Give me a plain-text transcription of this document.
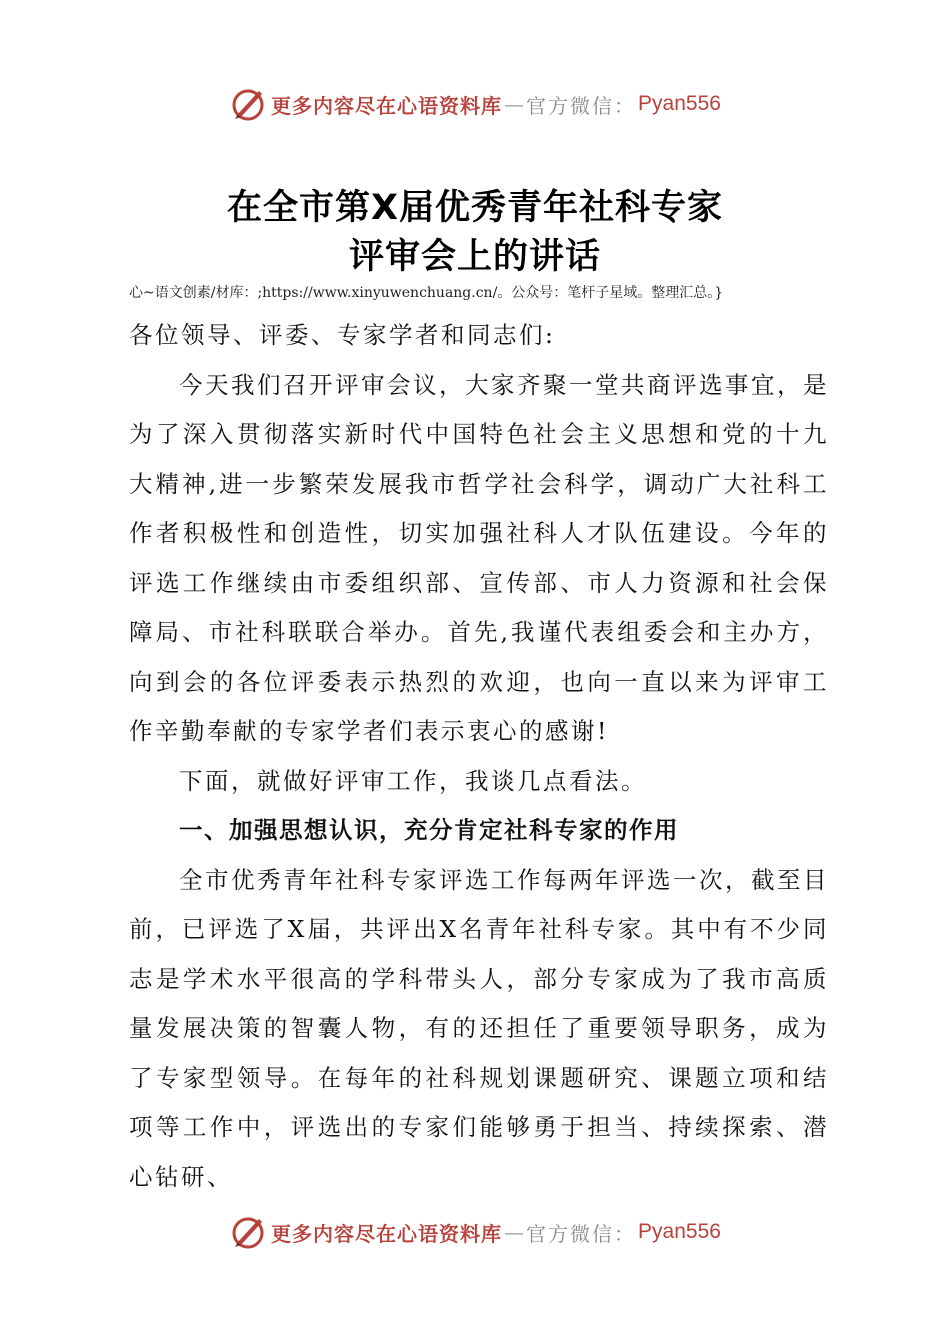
更多内容尽在心语资料库 — 官方微信： Pyan556
在全市第X届优秀青年社科专家
评审会上的讲话
心~语文创素/材库：;https://www.xinyuwenchuang.cn/。公众号：笔杆子星域。整理汇总。}

各位领导、评委、专家学者和同志们:

今天我们召开评审会议，大家齐聚一堂共商评选事宜，是为了深入贯彻落实新时代中国特色社会主义思想和党的十九大精神,进一步繁荣发展我市哲学社会科学，调动广大社科工作者积极性和创造性，切实加强社科人才队伍建设。今年的评选工作继续由市委组织部、宣传部、市人力资源和社会保障局、市社科联联合举办。首先,我谨代表组委会和主办方，向到会的各位评委表示热烈的欢迎，也向一直以来为评审工作辛勤奉献的专家学者们表示衷心的感谢!

下面，就做好评审工作，我谈几点看法。

一、加强思想认识，充分肯定社科专家的作用

全市优秀青年社科专家评选工作每两年评选一次，截至目前，已评选了X届，共评出X名青年社科专家。其中有不少同志是学术水平很高的学科带头人，部分专家成为了我市高质量发展决策的智囊人物，有的还担任了重要领导职务，成为了专家型领导。在每年的社科规划课题研究、课题立项和结项等工作中，评选出的专家们能够勇于担当、持续探索、潜心钻研、

更多内容尽在心语资料库 — 官方微信： Pyan556
